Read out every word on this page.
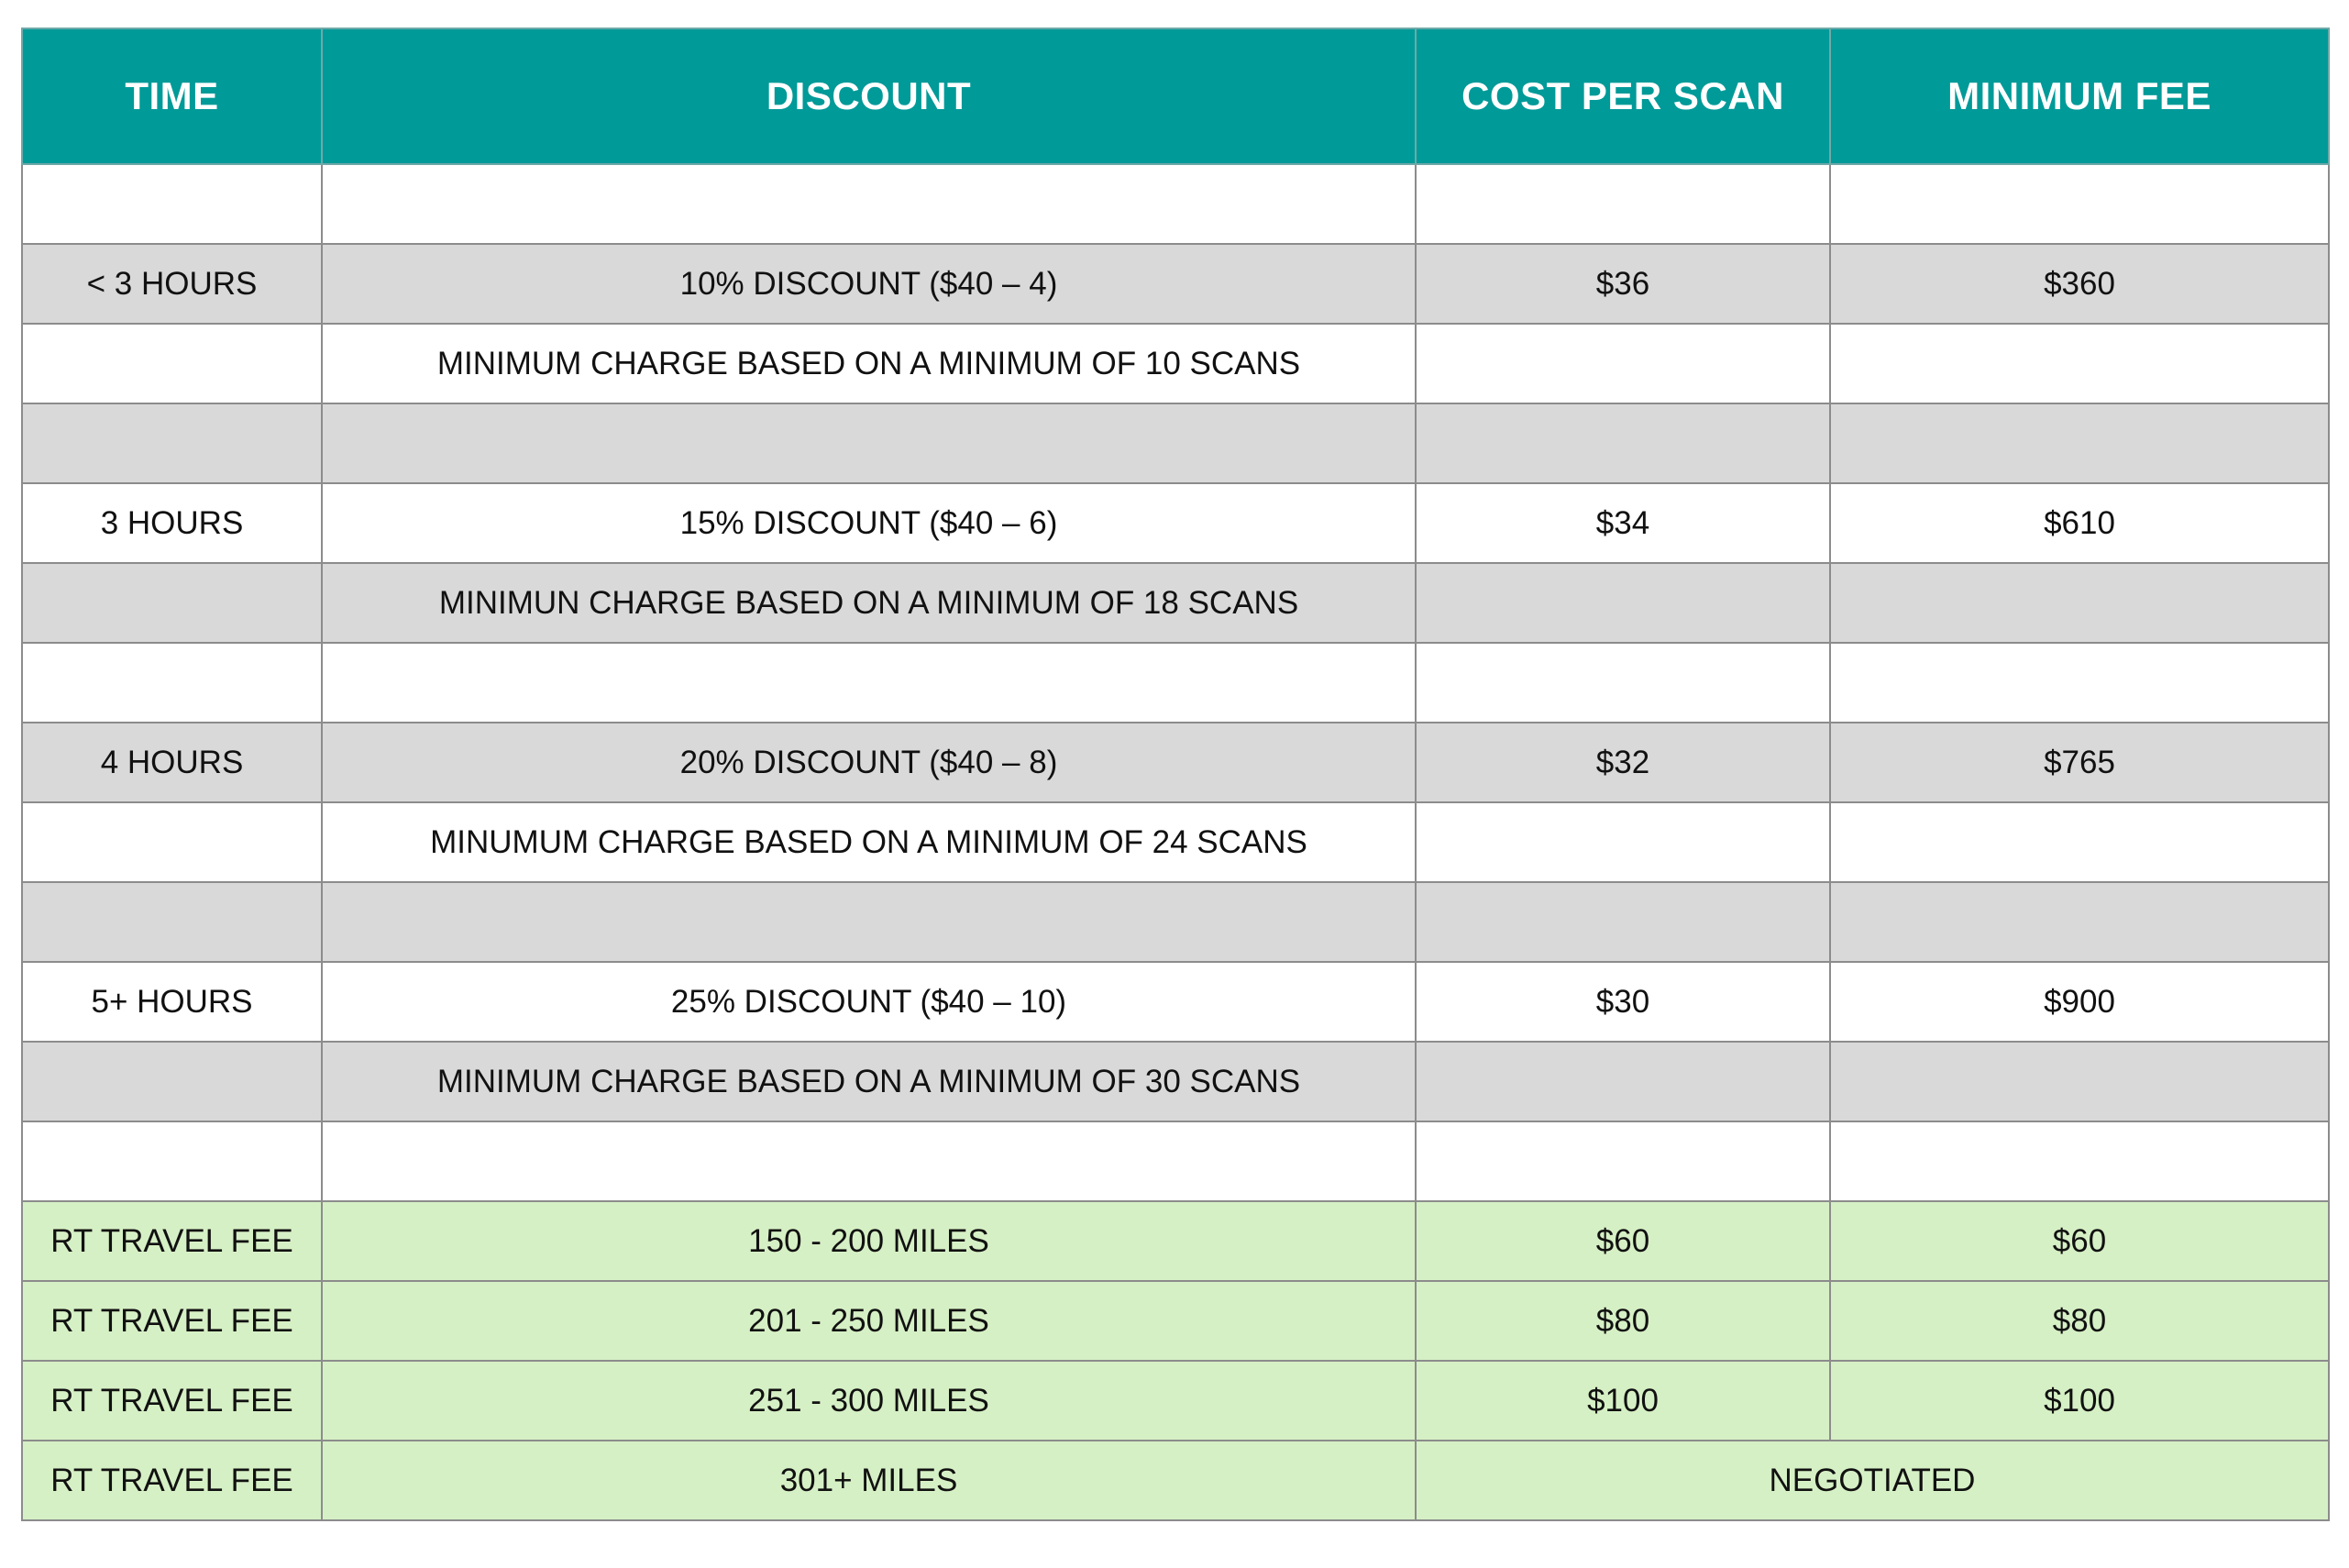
TIME	DISCOUNT	COST PER SCAN	MINIMUM FEE

< 3 HOURS	10% DISCOUNT ($40 – 4)	$36	$360
	MINIMUM CHARGE BASED ON A MINIMUM OF 10 SCANS		

3 HOURS	15% DISCOUNT ($40 – 6)	$34	$610
	MINIMUN CHARGE BASED ON A MINIMUM OF 18 SCANS		

4 HOURS	20% DISCOUNT ($40 – 8)	$32	$765
	MINUMUM CHARGE BASED ON A MINIMUM OF 24 SCANS		

5+ HOURS	25% DISCOUNT ($40 – 10)	$30	$900
	MINIMUM CHARGE BASED ON A MINIMUM OF 30 SCANS		

RT TRAVEL FEE	150 - 200 MILES	$60	$60
RT TRAVEL FEE	201 - 250 MILES	$80	$80
RT TRAVEL FEE	251 - 300 MILES	$100	$100
RT TRAVEL FEE	301+ MILES	NEGOTIATED	
